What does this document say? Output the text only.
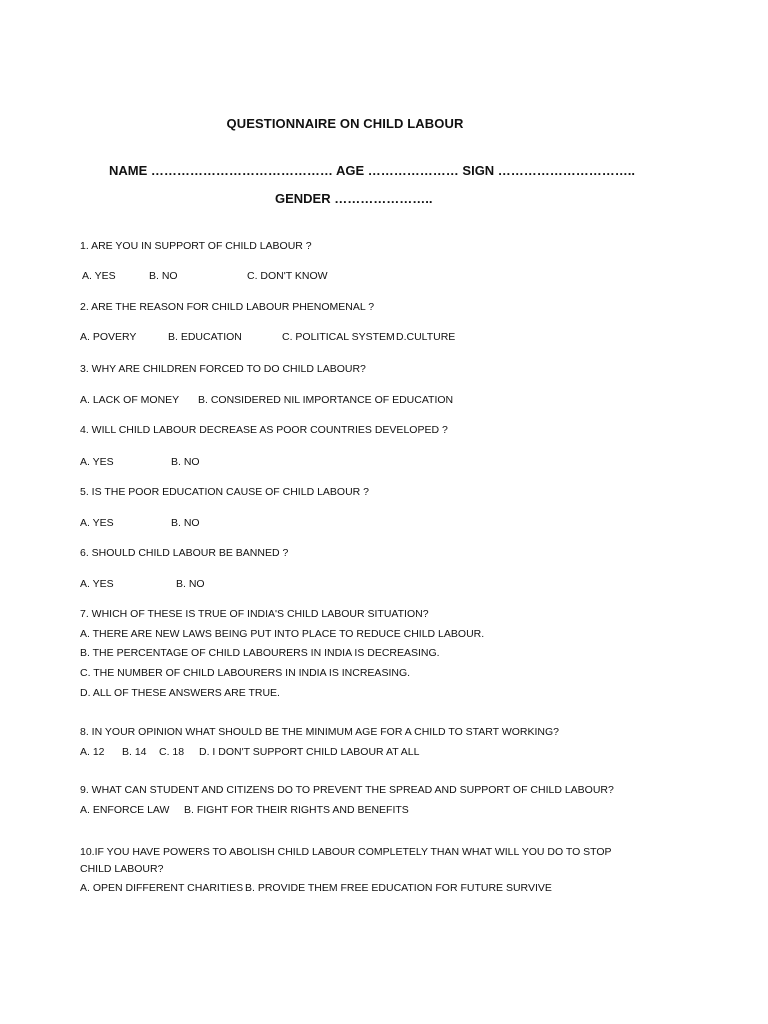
QUESTIONNAIRE ON CHILD LABOUR
NAME …………………………………… AGE ………………… SIGN …………………………..
GENDER …………………..
1. ARE YOU IN SUPPORT OF CHILD LABOUR ?
A. YES	B. NO	C. DON'T KNOW
2. ARE THE REASON FOR CHILD LABOUR PHENOMENAL ?
A. POVERY	B. EDUCATION	C. POLITICAL SYSTEMD.CULTURE
3. WHY ARE CHILDREN FORCED TO DO CHILD LABOUR?
A. LACK OF MONEY B. CONSIDERED NIL IMPORTANCE OF EDUCATION
4. WILL CHILD LABOUR DECREASE AS POOR COUNTRIES DEVELOPED ?
A. YES	B. NO
5. IS THE POOR EDUCATION CAUSE OF CHILD LABOUR ?
A. YES	B. NO
6. SHOULD CHILD LABOUR BE BANNED ?
A. YES	B. NO
7. WHICH OF THESE IS TRUE OF INDIA'S CHILD LABOUR SITUATION?
A. THERE ARE NEW LAWS BEING PUT INTO PLACE TO REDUCE CHILD LABOUR.
B. THE PERCENTAGE OF CHILD LABOURERS IN INDIA IS DECREASING.
C. THE NUMBER OF CHILD LABOURERS IN INDIA IS INCREASING.
D. ALL OF THESE ANSWERS ARE TRUE.
8. IN YOUR OPINION WHAT SHOULD BE THE MINIMUM AGE FOR A CHILD TO START WORKING?
A. 12 B. 14 C. 18 D. I DON'T SUPPORT CHILD LABOUR AT ALL
9. WHAT CAN STUDENT AND CITIZENS DO TO PREVENT THE SPREAD AND SUPPORT OF CHILD LABOUR?
A. ENFORCE LAW B. FIGHT FOR THEIR RIGHTS AND BENEFITS
10.IF YOU HAVE POWERS TO ABOLISH CHILD LABOUR COMPLETELY THAN WHAT WILL YOU DO TO STOP
CHILD LABOUR?
A. OPEN DIFFERENT CHARITIES B. PROVIDE THEM FREE EDUCATION FOR FUTURE SURVIVE
